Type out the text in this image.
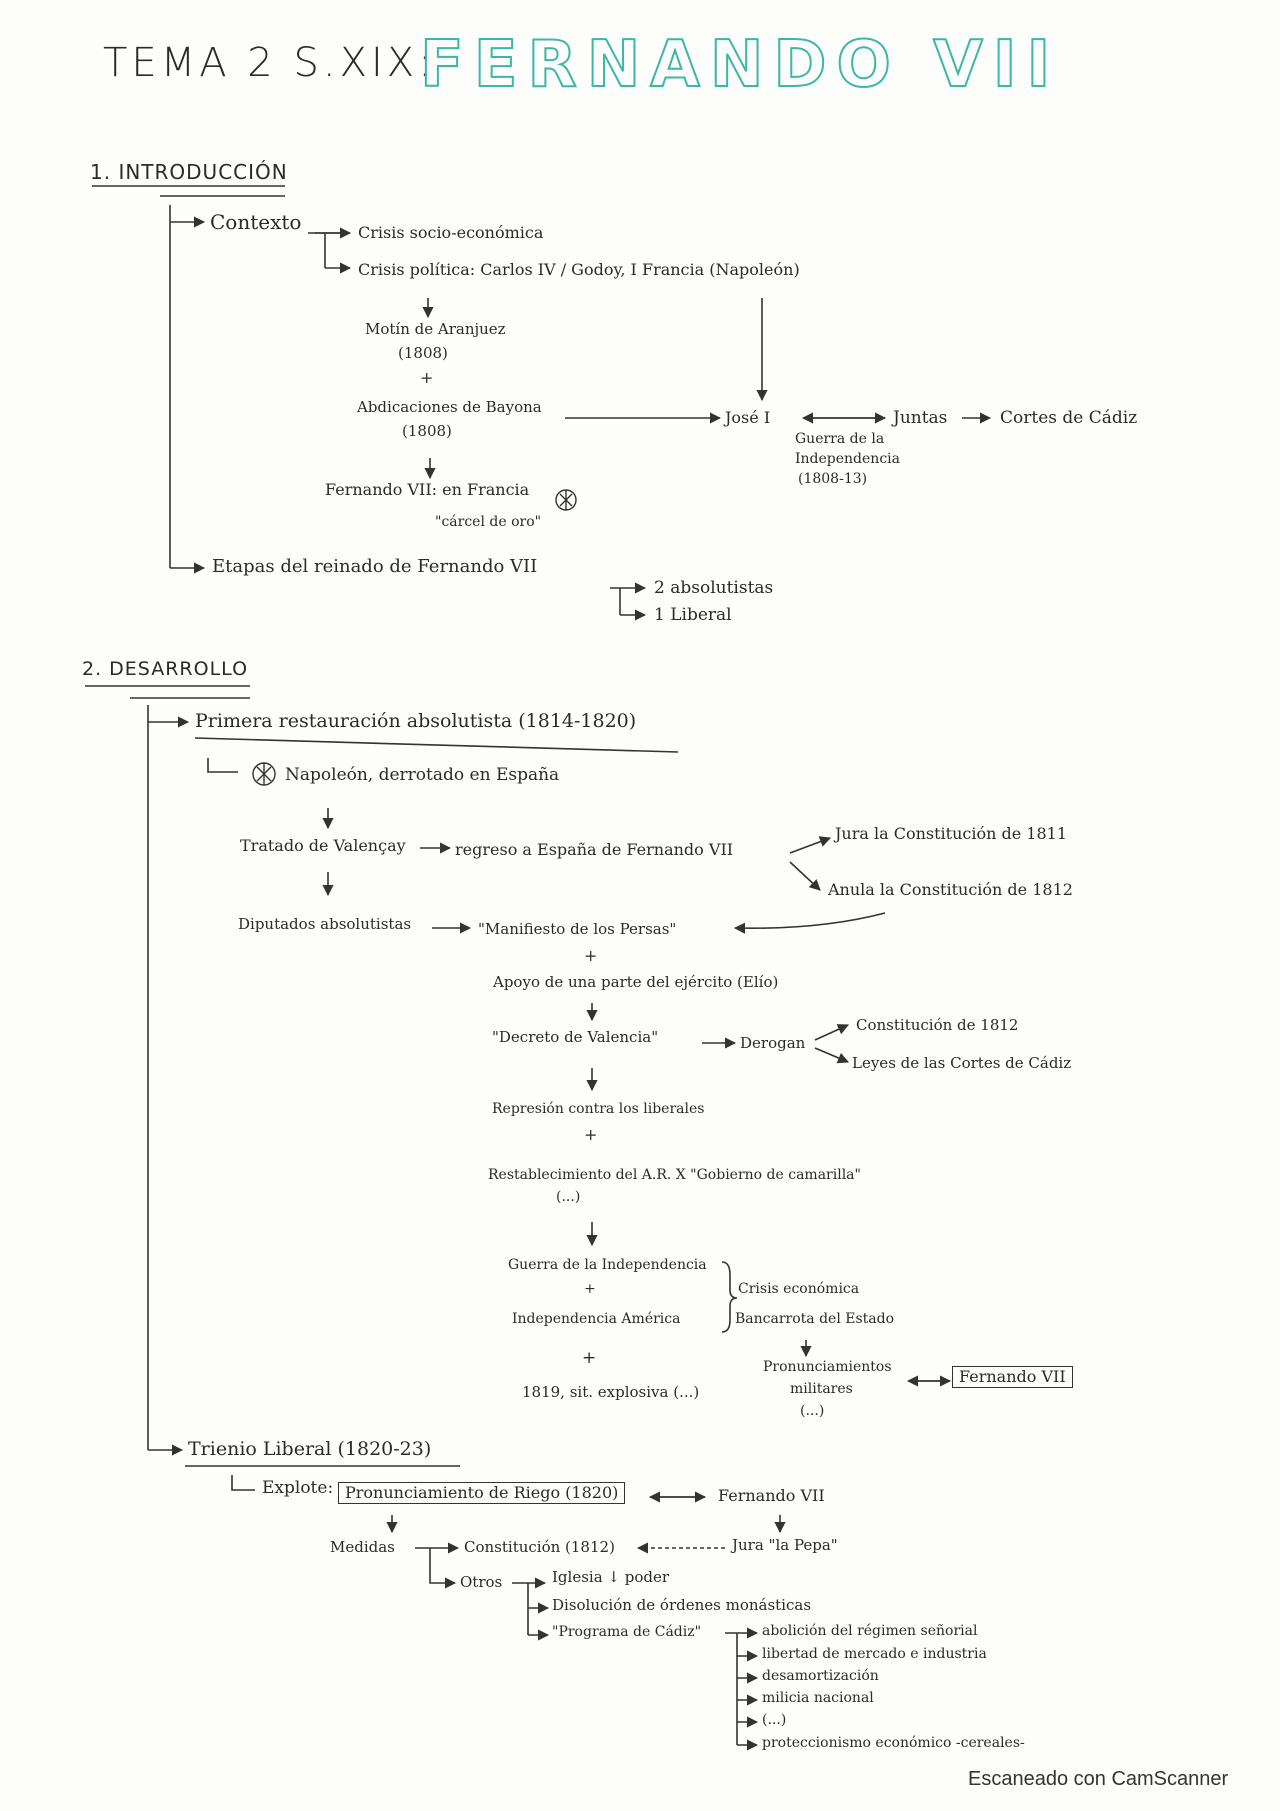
TEMA 2 S.XIX:
FERNANDO VII
1. INTRODUCCIÓN
Contexto	Crisis socio-económica
Crisis política: Carlos IV / Godoy, I Francia (Napoleón)
Motín de Aranjuez
(1808)
+
Abdicaciones de Bayona
(1808)
Fernando VII: en Francia
"cárcel de oro"
José I	Juntas	Cortes de Cádiz
Guerra de la
Independencia
(1808-13)
Etapas del reinado de Fernando VII
2 absolutistas
1 Liberal
2. DESARROLLO
Primera restauración absolutista (1814-1820)
Napoleón, derrotado en España
Tratado de Valençay	regreso a España de Fernando VII
Jura la Constitución de 1811
Anula la Constitución de 1812
Diputados absolutistas	"Manifiesto de los Persas"
+
Apoyo de una parte del ejército (Elío)
"Decreto de Valencia"	Derogan
Constitución de 1812
Leyes de las Cortes de Cádiz
Represión contra los liberales
+
Restablecimiento del A.R. X "Gobierno de camarilla"
(...)
Guerra de la Independencia
+
Independencia América
Crisis económica
Bancarrota del Estado
+
1819, sit. explosiva (...)
Pronunciamientos
militares
(...)
Fernando VII
Trienio Liberal (1820-23)
Explote: Pronunciamiento de Riego (1820)	Fernando VII
Medidas	Constitución (1812)	Jura "la Pepa"
Otros	Iglesia ↓ poder
Disolución de órdenes monásticas
"Programa de Cádiz"	abolición del régimen señorial
libertad de mercado e industria
desamortización
milicia nacional
(...)
proteccionismo económico -cereales-
Escaneado con CamScanner
